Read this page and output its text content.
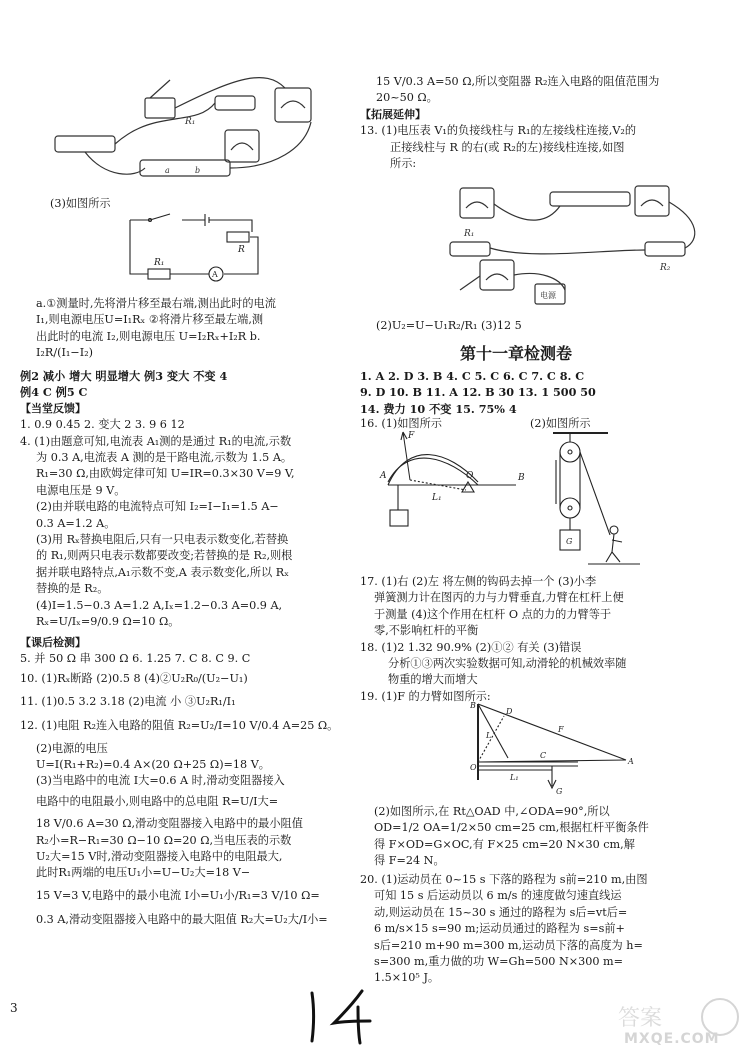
R₁
a	b
(3)如图所示
R
R₁
A
a.①测量时,先将滑片移至最右端,测出此时的电流
I₁,则电源电压U=I₁Rₓ ②将滑片移至最左端,测
出此时的电流 I₂,则电源电压 U=I₂Rₓ+I₂R b.
I₂R/(I₁−I₂)
例2 减小 增大 明显增大 例3 变大 不变 4
例4 C 例5 C
【当堂反馈】
1. 0.9 0.45 2. 变大 2 3. 9 6 12
4. (1)由题意可知,电流表 A₁测的是通过 R₁的电流,示数
为 0.3 A,电流表 A 测的是干路电流,示数为 1.5 A。
R₁=30 Ω,由欧姆定律可知 U=IR=0.3×30 V=9 V,
电源电压是 9 V。
(2)由并联电路的电流特点可知 I₂=I−I₁=1.5 A−
0.3 A=1.2 A。
(3)用 Rₓ替换电阻后,只有一只电表示数变化,若替换
的 R₁,则两只电表示数都要改变;若替换的是 R₂,则根
据并联电路特点,A₁示数不变,A 表示数变化,所以 Rₓ
替换的是 R₂。
(4)I=1.5−0.3 A=1.2 A,Iₓ=1.2−0.3 A=0.9 A,
Rₓ=U/Iₓ=9/0.9 Ω=10 Ω。
【课后检测】
5. 并 50 Ω 串 300 Ω 6. 1.25 7. C 8. C 9. C
10. (1)Rₓ断路 (2)0.5 8 (4)②U₂R₀/(U₂−U₁)
11. (1)0.5 3.2 3.18 (2)电流 小 ③U₂R₁/I₁
12. (1)电阻 R₂连入电路的阻值 R₂=U₂/I=10 V/0.4 A=25 Ω。
(2)电源的电压
U=I(R₁+R₂)=0.4 A×(20 Ω+25 Ω)=18 V。
(3)当电路中的电流 I大=0.6 A 时,滑动变阻器接入
电路中的电阻最小,则电路中的总电阻 R=U/I大=
18 V/0.6 A=30 Ω,滑动变阻器接入电路中的最小阻值
R₂小=R−R₁=30 Ω−10 Ω=20 Ω,当电压表的示数
U₂大=15 V时,滑动变阻器接入电路中的电阻最大,
此时R₁两端的电压U₁小=U−U₂大=18 V−
15 V=3 V,电路中的最小电流 I小=U₁小/R₁=3 V/10 Ω=
0.3 A,滑动变阻器接入电路中的最大阻值 R₂大=U₂大/I小=
3
15 V/0.3 A=50 Ω,所以变阻器 R₂连入电路的阻值范围为
20~50 Ω。
【拓展延伸】
13. (1)电压表 V₁的负接线柱与 R₁的左接线柱连接,V₂的
正接线柱与 R 的右(或 R₂的左)接线柱连接,如图
所示:
R₁
R₂
电源
(2)U₂=U−U₁R₂/R₁ (3)12 5
第十一章检测卷
1. A 2. D 3. B 4. C 5. C 6. C 7. C 8. C
9. D 10. B 11. A 12. B 30 13. 1 500 50
14. 费力 10 不变 15. 75% 4
16. (1)如图所示	(2)如图所示
F
A
L₁
O	B
G
17. (1)右 (2)左 将左侧的钩码去掉一个 (3)小李
弹簧测力计在图丙的力与力臂垂直,力臂在杠杆上便
于测量 (4)这个作用在杠杆 O 点的力的力臂等于
零,不影响杠杆的平衡
18. (1)2 1.32 90.9% (2)①② 有关 (3)错误
分析①③两次实验数据可知,动滑轮的机械效率随
物重的增大而增大
19. (1)F 的力臂如图所示:
B
D
F
L
C
A
O
L₁
G
(2)如图所示,在 Rt△OAD 中,∠ODA=90°,所以
OD=1/2 OA=1/2×50 cm=25 cm,根据杠杆平衡条件
得 F×OD=G×OC,有 F×25 cm=20 N×30 cm,解
得 F=24 N。
20. (1)运动员在 0~15 s 下落的路程为 s前=210 m,由图
可知 15 s 后运动员以 6 m/s 的速度做匀速直线运
动,则运动员在 15~30 s 通过的路程为 s后=vt后=
6 m/s×15 s=90 m;运动员通过的路程为 s=s前+
s后=210 m+90 m=300 m,运动员下落的高度为 h=
s=300 m,重力做的功 W=Gh=500 N×300 m=
1.5×10⁵ J。
答案
MXQE.COM
